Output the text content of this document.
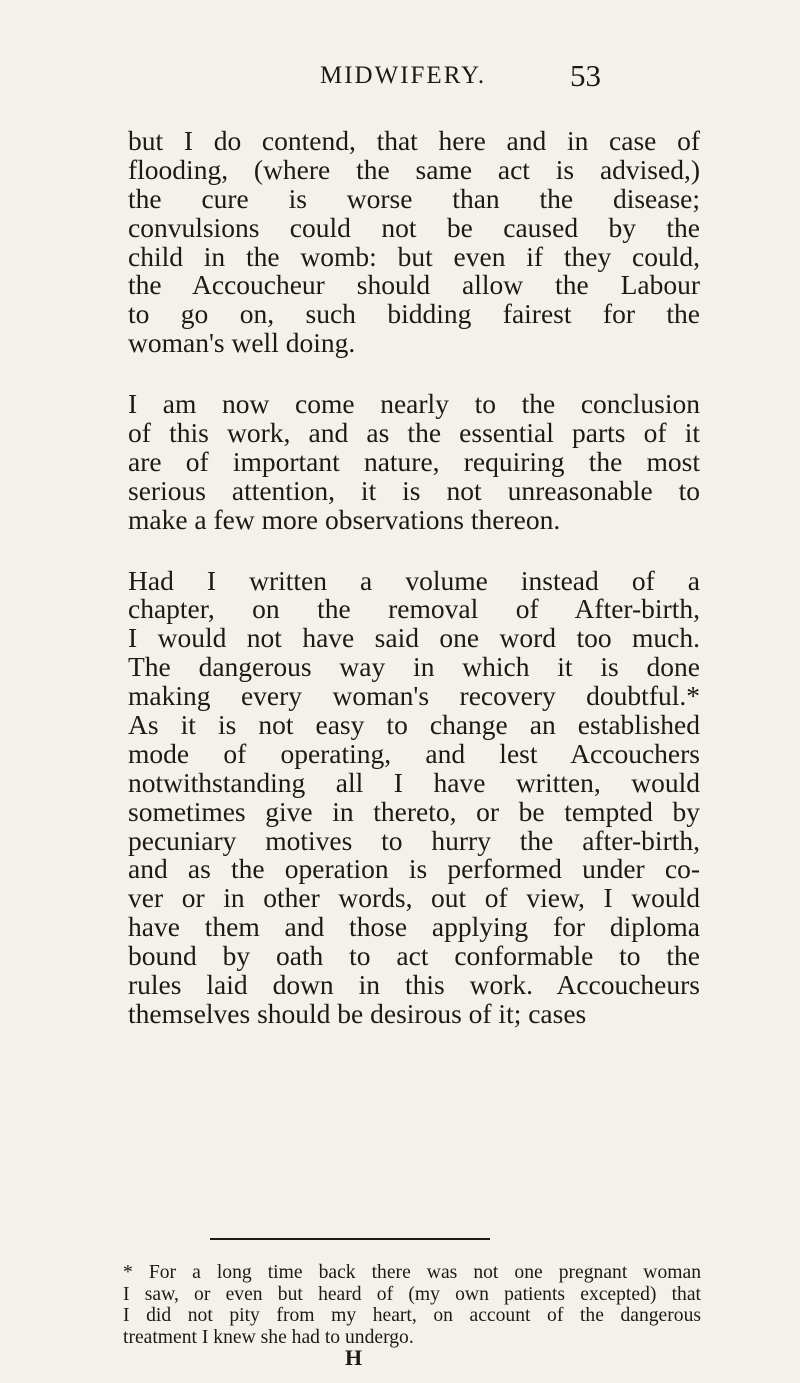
MIDWIFERY.	53
but I do contend, that here and in case of
flooding, (where the same act is advised,)
the cure is worse than the disease;
convulsions could not be caused by the
child in the womb: but even if they could,
the Accoucheur should allow the Labour
to go on, such bidding fairest for the
woman's well doing.
I am now come nearly to the conclusion
of this work, and as the essential parts of it
are of important nature, requiring the most
serious attention, it is not unreasonable to
make a few more observations thereon.
Had I written a volume instead of a
chapter, on the removal of After-birth,
I would not have said one word too much.
The dangerous way in which it is done
making every woman's recovery doubtful.*
As it is not easy to change an established
mode of operating, and lest Accouchers
notwithstanding all I have written, would
sometimes give in thereto, or be tempted by
pecuniary motives to hurry the after-birth,
and as the operation is performed under co-
ver or in other words, out of view, I would
have them and those applying for diploma
bound by oath to act conformable to the
rules laid down in this work. Accoucheurs
themselves should be desirous of it; cases
* For a long time back there was not one pregnant woman
I saw, or even but heard of (my own patients excepted) that
I did not pity from my heart, on account of the dangerous
treatment I knew she had to undergo.
H
